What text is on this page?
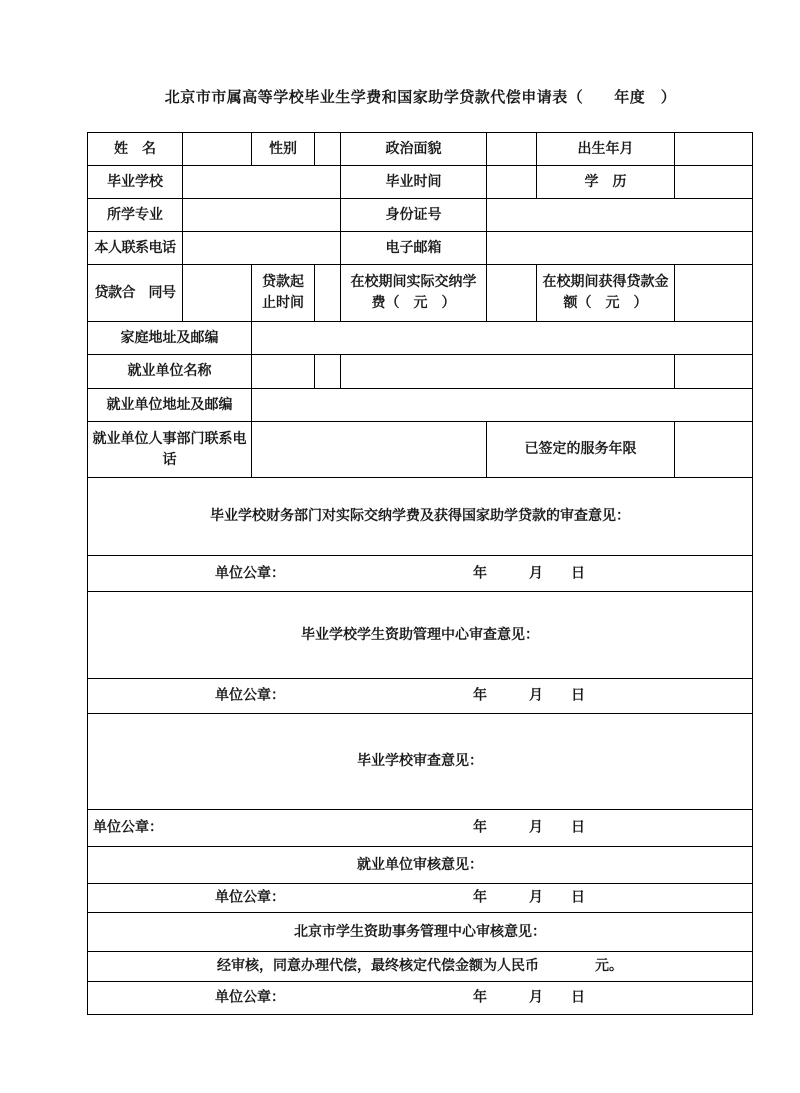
北京市市属高等学校毕业生学费和国家助学贷款代偿申请表（　　年度　）
姓　名		性别		政治面貌		出生年月	
毕业学校				毕业时间		学　历	
所学专业				身份证号			
本人联系电话				电子邮箱			
贷款合　同号		贷款起止时间		在校期间实际交纳学费（　元　）		在校期间获得贷款金额（　元　）	
家庭地址及邮编							
就业单位名称							
就业单位地址及邮编							
就业单位人事部门联系电话					已签定的服务年限		
毕业学校财务部门对实际交纳学费及获得国家助学贷款的审查意见：							

单位公章： 年　　　月　　日							

毕业学校学生资助管理中心审查意见：							

单位公章： 年　　　月　　日							

毕业学校审查意见：							

单位公章： 年　　　月　　日							

就业单位审核意见：							

单位公章： 年　　　月　　日							

北京市学生资助事务管理中心审核意见：							
经审核，同意办理代偿，最终核定代偿金额为人民币　　　　元。							

单位公章： 年　　　月　　日							
